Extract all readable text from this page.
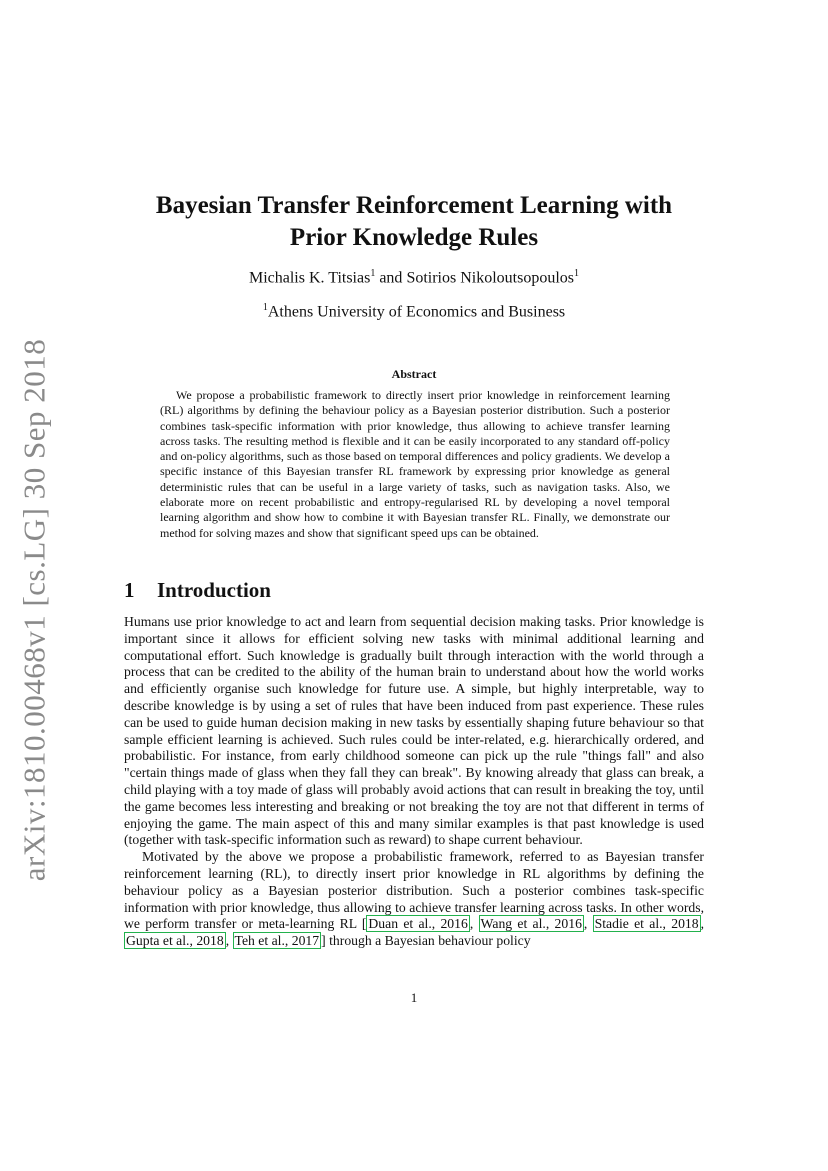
arXiv:1810.00468v1 [cs.LG] 30 Sep 2018
Bayesian Transfer Reinforcement Learning with
Prior Knowledge Rules
Michalis K. Titsias$^1$ and Sotirios Nikoloutsopoulos$^1$
$^1$Athens University of Economics and Business
Abstract

We propose a probabilistic framework to directly insert prior knowledge in reinforcement learning (RL) algorithms by defining the behaviour policy as a Bayesian posterior distribution. Such a posterior combines task-specific information with prior knowledge, thus allowing to achieve transfer learning across tasks. The resulting method is flexible and it can be easily incorporated to any standard off-policy and on-policy algorithms, such as those based on temporal differences and policy gradients. We develop a specific instance of this Bayesian transfer RL framework by expressing prior knowledge as general deterministic rules that can be useful in a large variety of tasks, such as navigation tasks. Also, we elaborate more on recent probabilistic and entropy-regularised RL by developing a novel temporal learning algorithm and show how to combine it with Bayesian transfer RL. Finally, we demonstrate our method for solving mazes and show that significant speed ups can be obtained.

1 Introduction

Humans use prior knowledge to act and learn from sequential decision making tasks. Prior knowledge is important since it allows for efficient solving new tasks with minimal additional learning and computational effort. Such knowledge is gradually built through interaction with the world through a process that can be credited to the ability of the human brain to understand about how the world works and efficiently organise such knowledge for future use. A simple, but highly interpretable, way to describe knowledge is by using a set of rules that have been induced from past experience. These rules can be used to guide human decision making in new tasks by essentially shaping future behaviour so that sample efficient learning is achieved. Such rules could be inter-related, e.g. hierarchically ordered, and probabilistic. For instance, from early childhood someone can pick up the rule "things fall" and also "certain things made of glass when they fall they can break". By knowing already that glass can break, a child playing with a toy made of glass will probably avoid actions that can result in breaking the toy, until the game becomes less interesting and breaking or not breaking the toy are not that different in terms of enjoying the game. The main aspect of this and many similar examples is that past knowledge is used (together with task-specific information such as reward) to shape current behaviour.

Motivated by the above we propose a probabilistic framework, referred to as Bayesian transfer reinforcement learning (RL), to directly insert prior knowledge in RL algorithms by defining the behaviour policy as a Bayesian posterior distribution. Such a posterior combines task-specific information with prior knowledge, thus allowing to achieve transfer learning across tasks. In other words, we perform transfer or meta-learning RL [ Duan et al., 2016 , Wang et al., 2016 , Stadie et al., 2018 , Gupta et al., 2018 , Teh et al., 2017 ] through a Bayesian behaviour policy

1
